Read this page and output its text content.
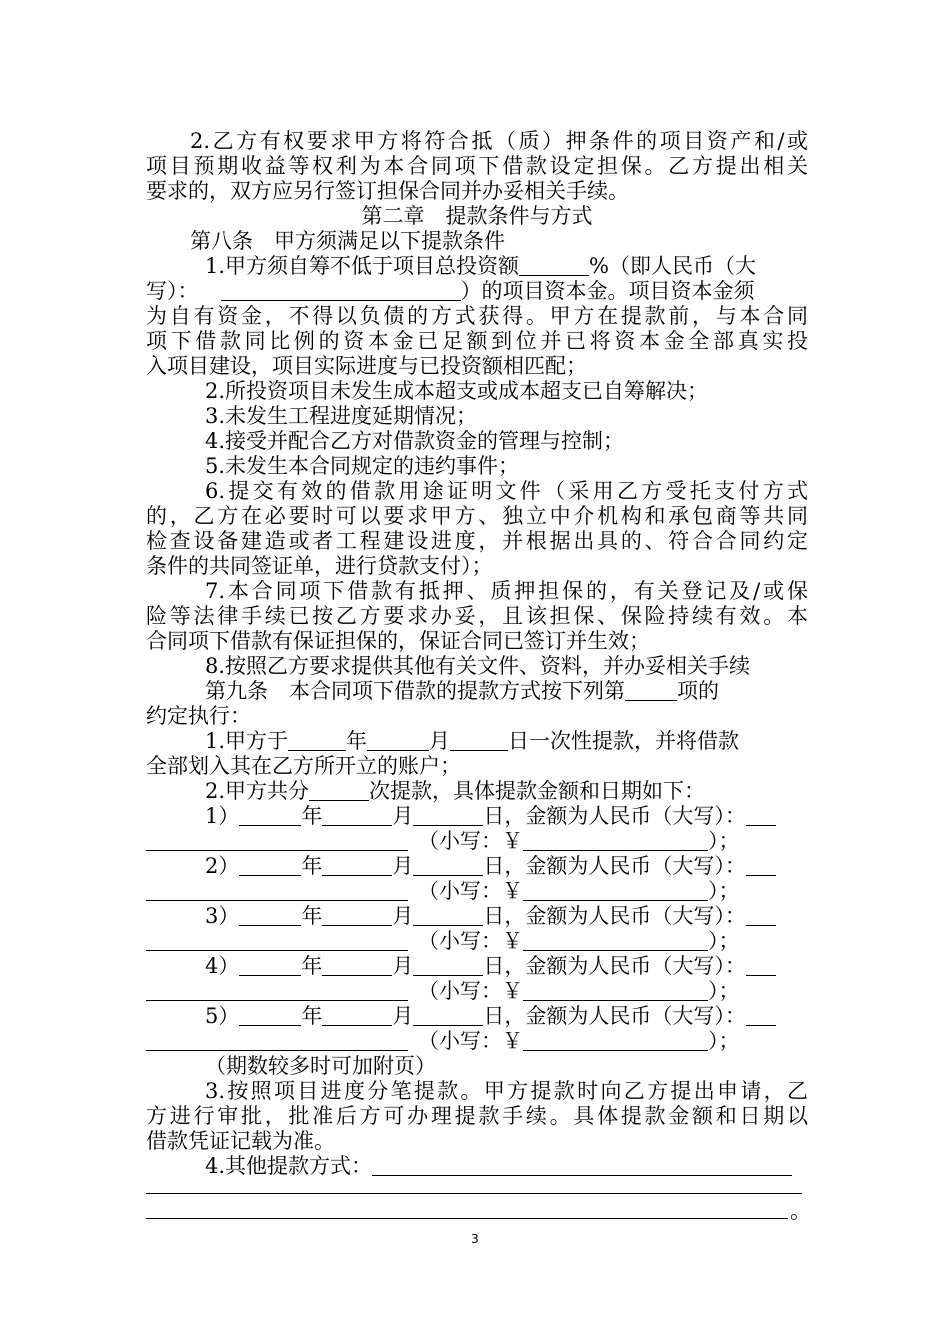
2.乙方有权要求甲方将符合抵（质）押条件的项目资产和/或
项目预期收益等权利为本合同项下借款设定担保。乙方提出相关
要求的，双方应另行签订担保合同并办妥相关手续。
第二章　提款条件与方式
第八条　甲方须满足以下提款条件
1.甲方须自筹不低于项目总投资额	%（即人民币（大
写）：	）的项目资本金。项目资本金须
为自有资金，不得以负债的方式获得。甲方在提款前，与本合同
项下借款同比例的资本金已足额到位并已将资本金全部真实投
入项目建设，项目实际进度与已投资额相匹配；
2.所投资项目未发生成本超支或成本超支已自筹解决；
3.未发生工程进度延期情况；
4.接受并配合乙方对借款资金的管理与控制；
5.未发生本合同规定的违约事件；
6.提交有效的借款用途证明文件（采用乙方受托支付方式
的，乙方在必要时可以要求甲方、独立中介机构和承包商等共同
检查设备建造或者工程建设进度，并根据出具的、符合合同约定
条件的共同签证单，进行贷款支付）；
7.本合同项下借款有抵押、质押担保的，有关登记及/或保
险等法律手续已按乙方要求办妥，且该担保、保险持续有效。本
合同项下借款有保证担保的，保证合同已签订并生效；
8.按照乙方要求提供其他有关文件、资料，并办妥相关手续
第九条　本合同项下借款的提款方式按下列第 项的
约定执行：
1.甲方于	年	月	日一次性提款，并将借款
全部划入其在乙方所开立的账户；
2.甲方共分	次提款，具体提款金额和日期如下：
1）	年	月	日，金额为人民币（大写）：
（小写：￥	）；
2）	年	月	日，金额为人民币（大写）：
（小写：￥	）；
3）	年	月	日，金额为人民币（大写）：
（小写：￥	）；
4）	年	月	日，金额为人民币（大写）：
（小写：￥	）；
5）	年	月	日，金额为人民币（大写）：
（小写：￥	）；
（期数较多时可加附页）
3.按照项目进度分笔提款。甲方提款时向乙方提出申请，乙
方进行审批，批准后方可办理提款手续。具体提款金额和日期以
借款凭证记载为准。
4.其他提款方式：
。
3
